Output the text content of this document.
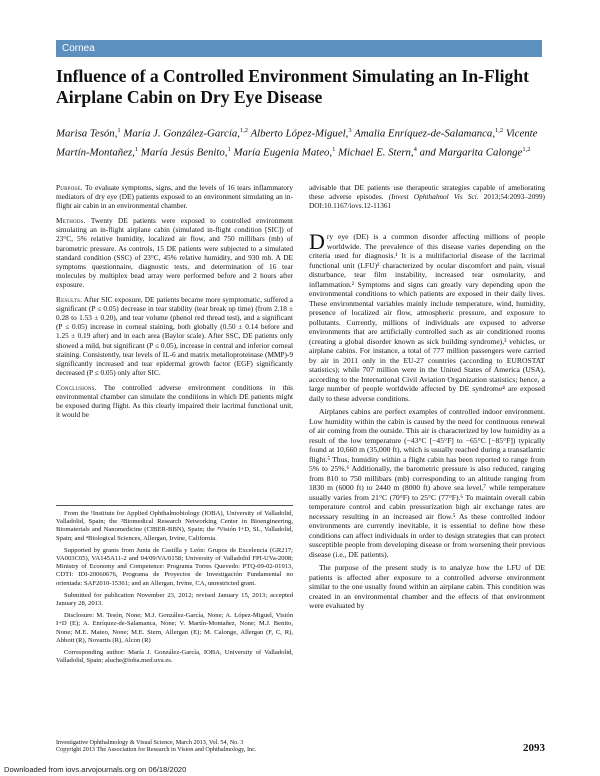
Cornea
Influence of a Controlled Environment Simulating an In-Flight Airplane Cabin on Dry Eye Disease
Marisa Tesón,$^1$ María J. González-García,$^{1,2}$ Alberto López-Miguel,$^3$ Amalia Enríquez-de-Salamanca,$^{1,2}$ Vicente Martín-Montañez,$^1$ María Jesús Benito,$^1$ María Eugenia Mateo,$^1$ Michael E. Stern,$^4$ and Margarita Calonge$^{1,2}$

Purpose. To evaluate symptoms, signs, and the levels of 16 tears inflammatory mediators of dry eye (DE) patients exposed to an environment simulating an in-flight air cabin in an environmental chamber.

Methods. Twenty DE patients were exposed to controlled environment simulating an in-flight airplane cabin (simulated in-flight condition [SIC]) of 23°C, 5% relative humidity, localized air flow, and 750 millibars (mb) of barometric pressure. As controls, 15 DE patients were subjected to a simulated standard condition (SSC) of 23°C, 45% relative humidity, and 930 mb. A DE symptoms questionnaire, diagnostic tests, and determination of 16 tear molecules by multiplex bead array were performed before and 2 hours after exposure.

Results. After SIC exposure, DE patients became more symptomatic, suffered a significant (P ≤ 0.05) decrease in tear stability (tear break up time) (from 2.18 ± 0.28 to 1.53 ± 0.20), and tear volume (phenol red thread test), and a significant (P ≤ 0.05) increase in corneal staining, both globally (0.50 ± 0.14 before and 1.25 ± 0.19 after) and in each area (Baylor scale). After SSC, DE patients only showed a mild, but significant (P ≤ 0.05), increase in central and inferior corneal staining. Consistently, tear levels of IL-6 and matrix metalloproteinase (MMP)-9 significantly increased and tear epidermal growth factor (EGF) significantly decreased (P ≤ 0.05) only after SIC.

Conclusions. The controlled adverse environment conditions in this environmental chamber can simulate the conditions in which DE patients might be exposed during flight. As this clearly impaired their lacrimal functional unit, it would be

From the ¹Institute for Applied Ophthalmobiology (IOBA), University of Valladolid, Valladolid, Spain; the ²Biomedical Research Networking Center in Bioengineering, Biomaterials and Nanomedicine (CIBER-BBN), Spain; the ³Visión I+D, SL, Valladolid, Spain; and ⁴Biological Sciences, Allergan, Irvine, California.

Supported by grants from Junta de Castilla y León: Grupos de Excelencia (GR217; VA003C05), VA145A11-2 and 04/09/VA/0158; University of Valladolid FPI-UVa-2008; Ministry of Economy and Competence: Programa Torres Quevedo: PTQ-09-02-01913, CDTI: IDI-20060676, Programa de Proyectos de Investigación Fundamental no orientada: SAF2010-15361; and an Allergan, Irvine, CA, unrestricted grant.

Submitted for publication November 23, 2012; revised January 15, 2013; accepted January 28, 2013.

Disclosure: M. Tesón, None; M.J. González-García, None; A. López-Miguel, Visión I+D (E); A. Enríquez-de-Salamanca, None; V. Martín-Montañez, None; M.J. Benito, None; M.E. Mateo, None; M.E. Stern, Allergan (E); M. Calonge, Allergan (F, C, R), Abbott (R), Novartis (R), Alcon (R)

Corresponding author: María J. González-García, IOBA, University of Valladolid, Valladolid, Spain; aluche@ioba.med.uva.es.

advisable that DE patients use therapeutic strategies capable of ameliorating these adverse episodes. (Invest Ophthalmol Vis Sci. 2013;54:2093–2099) DOI:10.1167/iovs.12-11361

Dry eye (DE) is a common disorder affecting millions of people worldwide. The prevalence of this disease varies depending on the criteria used for diagnosis.¹ It is a multifactorial disease of the lacrimal functional unit (LFU)² characterized by ocular discomfort and pain, visual disturbance, tear film instability, increased tear osmolarity, and inflammation.² Symptoms and signs can greatly vary depending upon the environmental conditions to which patients are exposed in their daily lives. These environmental variables mainly include temperature, wind, humidity, presence of localized air flow, atmospheric pressure, and exposure to pollutants. Currently, millions of individuals are exposed to adverse environments that are artificially controlled such as air conditioned rooms (creating a global disorder known as sick building syndrome),³ vehicles, or airplane cabins. For instance, a total of 777 million passengers were carried by air in 2011 only in the EU-27 countries (according to EUROSTAT statistics); while 707 million were in the United States of America (USA), according to the International Civil Aviation Organization statistics; hence, a large number of people worldwide affected by DE syndrome⁴ are exposed daily to these adverse conditions.

Airplanes cabins are perfect examples of controlled indoor environment. Low humidity within the cabin is caused by the need for continuous renewal of air coming from the outside. This air is characterized by low humidity as a result of the low temperature (−43°C [−45°F] to −65°C [−85°F]) typically found at 10,660 m (35,000 ft), which is usually reached during a transatlantic flight.⁵ Thus, humidity within a flight cabin has been reported to range from 5% to 25%.⁶ Additionally, the barometric pressure is also reduced, ranging from 810 to 750 millibars (mb) corresponding to an altitude ranging from 1830 m (6000 ft) to 2440 m (8000 ft) above sea level,⁷ while temperature usually varies from 21°C (70°F) to 25°C (77°F).⁶ To maintain overall cabin temperature control and cabin pressurization high air exchange rates are necessary resulting in an increased air flow.⁵ As these controlled indoor environments are currently inevitable, it is essential to define how these conditions can affect individuals in order to design strategies that can protect susceptible people from developing disease or from worsening their previous disease (i.e., DE patients).

The purpose of the present study is to analyze how the LFU of DE patients is affected after exposure to a controlled adverse environment similar to the one usually found within an airplane cabin. This condition was created in an environmental chamber and the effects of that environment were evaluated by

Investigative Ophthalmology & Visual Science, March 2013, Vol. 54, No. 3
Copyright 2013 The Association for Research in Vision and Ophthalmology, Inc.	2093
Downloaded from iovs.arvojournals.org on 06/18/2020
